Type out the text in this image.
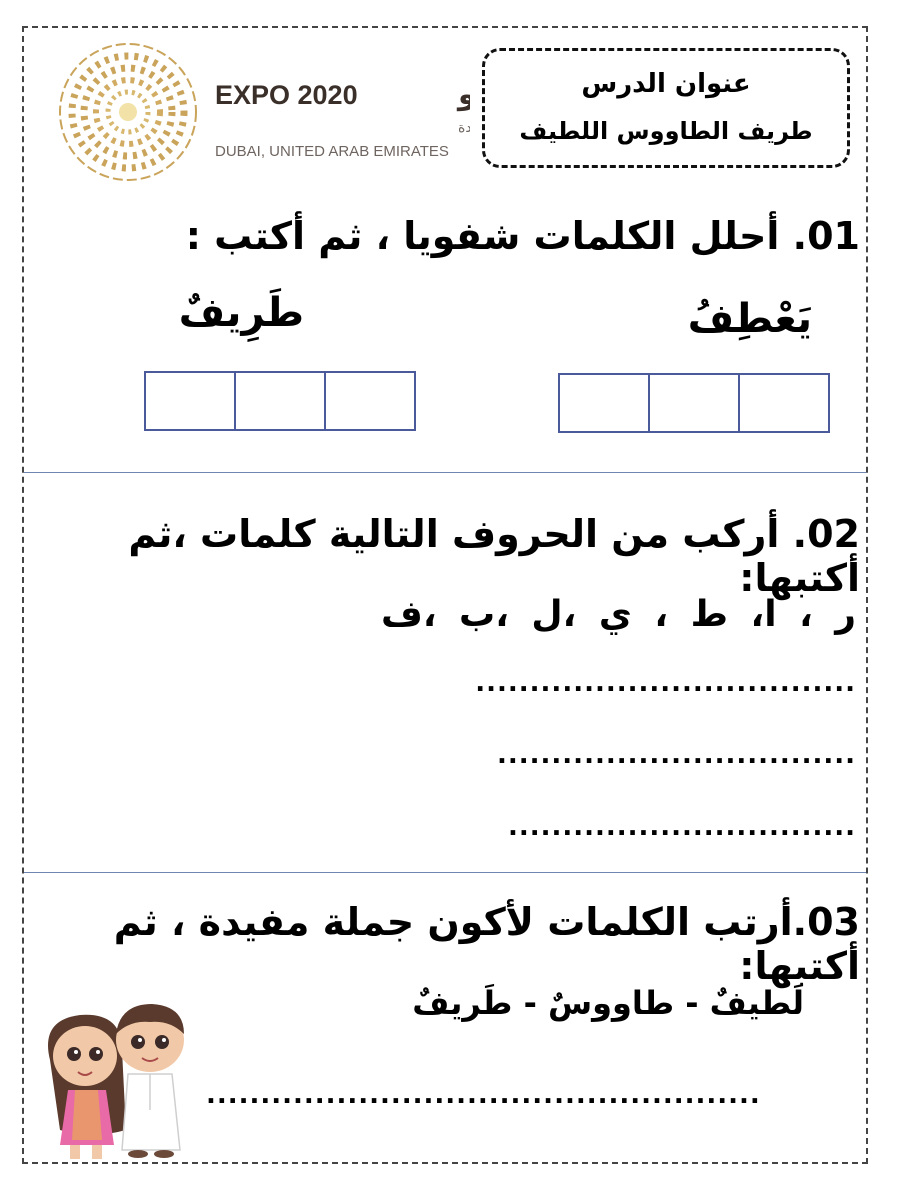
EXPO 2020	و
دة
DUBAI, UNITED ARAB EMIRATES
عنوان الدرس
طريف الطاووس اللطيف
01. أحلل الكلمات شفويا ، ثم أكتب :
يَعْطِفُ
طَرِيفٌ
02. أركب من الحروف التالية كلمات ،ثم أكتبها:
ر ، ا، ط ، ي ،ل ،ب ،ف
...................................
.................................
................................
03.أرتب الكلمات لأكون جملة مفيدة ، ثم أكتبها:
لَطيفٌ - طاووسٌ - طَريفٌ
...................................................
